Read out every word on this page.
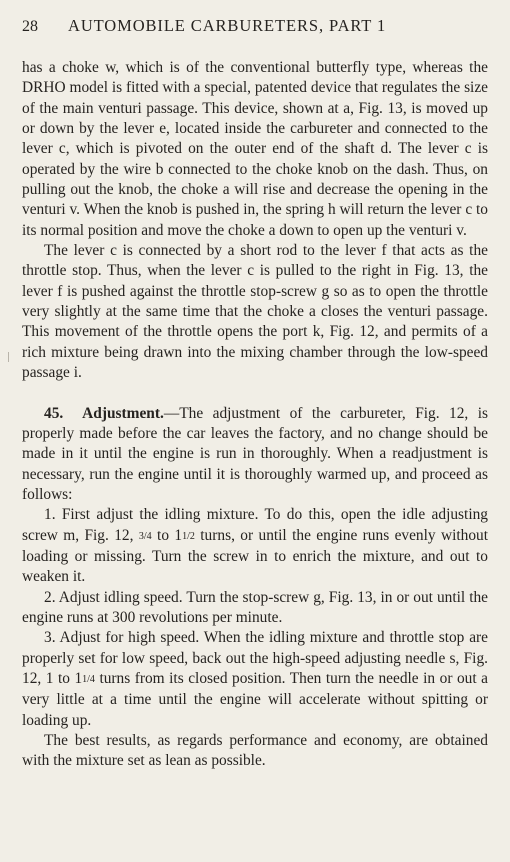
28	AUTOMOBILE CARBURETERS, PART 1

has a choke w, which is of the conventional butterfly type, whereas the DRHO model is fitted with a special, patented device that regulates the size of the main venturi passage. This device, shown at a, Fig. 13, is moved up or down by the lever e, located inside the carbureter and connected to the lever c, which is pivoted on the outer end of the shaft d. The lever c is operated by the wire b connected to the choke knob on the dash. Thus, on pulling out the knob, the choke a will rise and decrease the opening in the venturi v. When the knob is pushed in, the spring h will return the lever c to its normal position and move the choke a down to open up the venturi v.

The lever c is connected by a short rod to the lever f that acts as the throttle stop. Thus, when the lever c is pulled to the right in Fig. 13, the lever f is pushed against the throttle stop-screw g so as to open the throttle very slightly at the same time that the choke a closes the venturi passage. This movement of the throttle opens the port k, Fig. 12, and permits of a rich mixture being drawn into the mixing chamber through the low-speed passage i.

45. Adjustment.—The adjustment of the carbureter, Fig. 12, is properly made before the car leaves the factory, and no change should be made in it until the engine is run in thoroughly. When a readjustment is necessary, run the engine until it is thoroughly warmed up, and proceed as follows:

1. First adjust the idling mixture. To do this, open the idle adjusting screw m, Fig. 12, 3/4 to 11/2 turns, or until the engine runs evenly without loading or missing. Turn the screw in to enrich the mixture, and out to weaken it.

2. Adjust idling speed. Turn the stop-screw g, Fig. 13, in or out until the engine runs at 300 revolutions per minute.

3. Adjust for high speed. When the idling mixture and throttle stop are properly set for low speed, back out the high-speed adjusting needle s, Fig. 12, 1 to 11/4 turns from its closed position. Then turn the needle in or out a very little at a time until the engine will accelerate without spitting or loading up.

The best results, as regards performance and economy, are obtained with the mixture set as lean as possible.
